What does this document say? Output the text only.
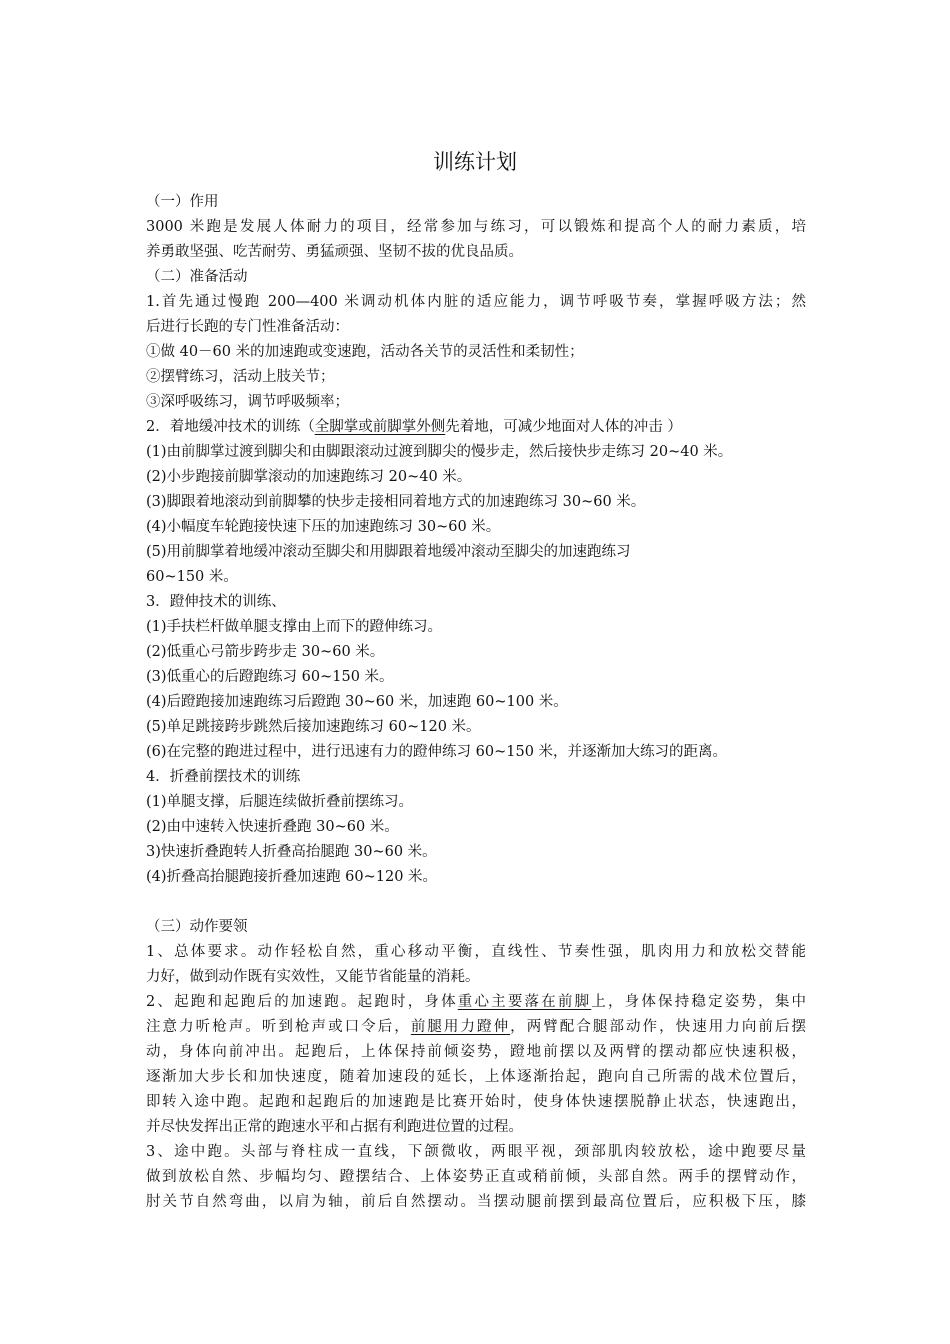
训练计划
（一）作用
3000 米跑是发展人体耐力的项目，经常参加与练习，可以锻炼和提高个人的耐力素质，培
养勇敢坚强、吃苦耐劳、勇猛顽强、坚韧不拔的优良品质。
（二）准备活动
1.首先通过慢跑 200—400 米调动机体内脏的适应能力，调节呼吸节奏，掌握呼吸方法；然
后进行长跑的专门性准备活动：
①做 40－60 米的加速跑或变速跑，活动各关节的灵活性和柔韧性；
②摆臂练习，活动上肢关节；
③深呼吸练习，调节呼吸频率；
2．着地缓冲技术的训练（全脚掌或前脚掌外侧先着地，可减少地面对人体的冲击 ）
(1)由前脚掌过渡到脚尖和由脚跟滚动过渡到脚尖的慢步走，然后接快步走练习 20~40 米。
(2)小步跑接前脚掌滚动的加速跑练习 20~40 米。
(3)脚跟着地滚动到前脚攀的快步走接相同着地方式的加速跑练习 30~60 米。
(4)小幅度车轮跑接快速下压的加速跑练习 30~60 米。
(5)用前脚掌着地缓冲滚动至脚尖和用脚跟着地缓冲滚动至脚尖的加速跑练习
60~150 米。
3．蹬伸技术的训练、
(1)手扶栏杆做单腿支撑由上而下的蹬伸练习。
(2)低重心弓箭步跨步走 30~60 米。
(3)低重心的后蹬跑练习 60~150 米。
(4)后蹬跑接加速跑练习后蹬跑 30~60 米，加速跑 60~100 米。
(5)单足跳接跨步跳然后接加速跑练习 60~120 米。
(6)在完整的跑进过程中，进行迅速有力的蹬伸练习 60~150 米，并逐渐加大练习的距离。
4．折叠前摆技术的训练
(1)单腿支撑，后腿连续做折叠前摆练习。
(2)由中速转入快速折叠跑 30~60 米。
3)快速折叠跑转人折叠高抬腿跑 30~60 米。
(4)折叠高抬腿跑接折叠加速跑 60~120 米。
（三）动作要领
1、总体要求。动作轻松自然，重心移动平衡，直线性、节奏性强，肌肉用力和放松交替能
力好，做到动作既有实效性，又能节省能量的消耗。
2、起跑和起跑后的加速跑。起跑时，身体重心主要落在前脚上，身体保持稳定姿势，集中
注意力听枪声。听到枪声或口令后，前腿用力蹬伸，两臂配合腿部动作，快速用力向前后摆
动，身体向前冲出。起跑后，上体保持前倾姿势，蹬地前摆以及两臂的摆动都应快速积极，
逐渐加大步长和加快速度，随着加速段的延长，上体逐渐抬起，跑向自己所需的战术位置后，
即转入途中跑。起跑和起跑后的加速跑是比赛开始时，使身体快速摆脱静止状态，快速跑出，
并尽快发挥出正常的跑速水平和占据有利跑进位置的过程。
3、途中跑。头部与脊柱成一直线，下颌微收，两眼平视，颈部肌肉较放松，途中跑要尽量
做到放松自然、步幅均匀、蹬摆结合、上体姿势正直或稍前倾，头部自然。两手的摆臂动作，
肘关节自然弯曲，以肩为轴，前后自然摆动。当摆动腿前摆到最高位置后，应积极下压，膝
